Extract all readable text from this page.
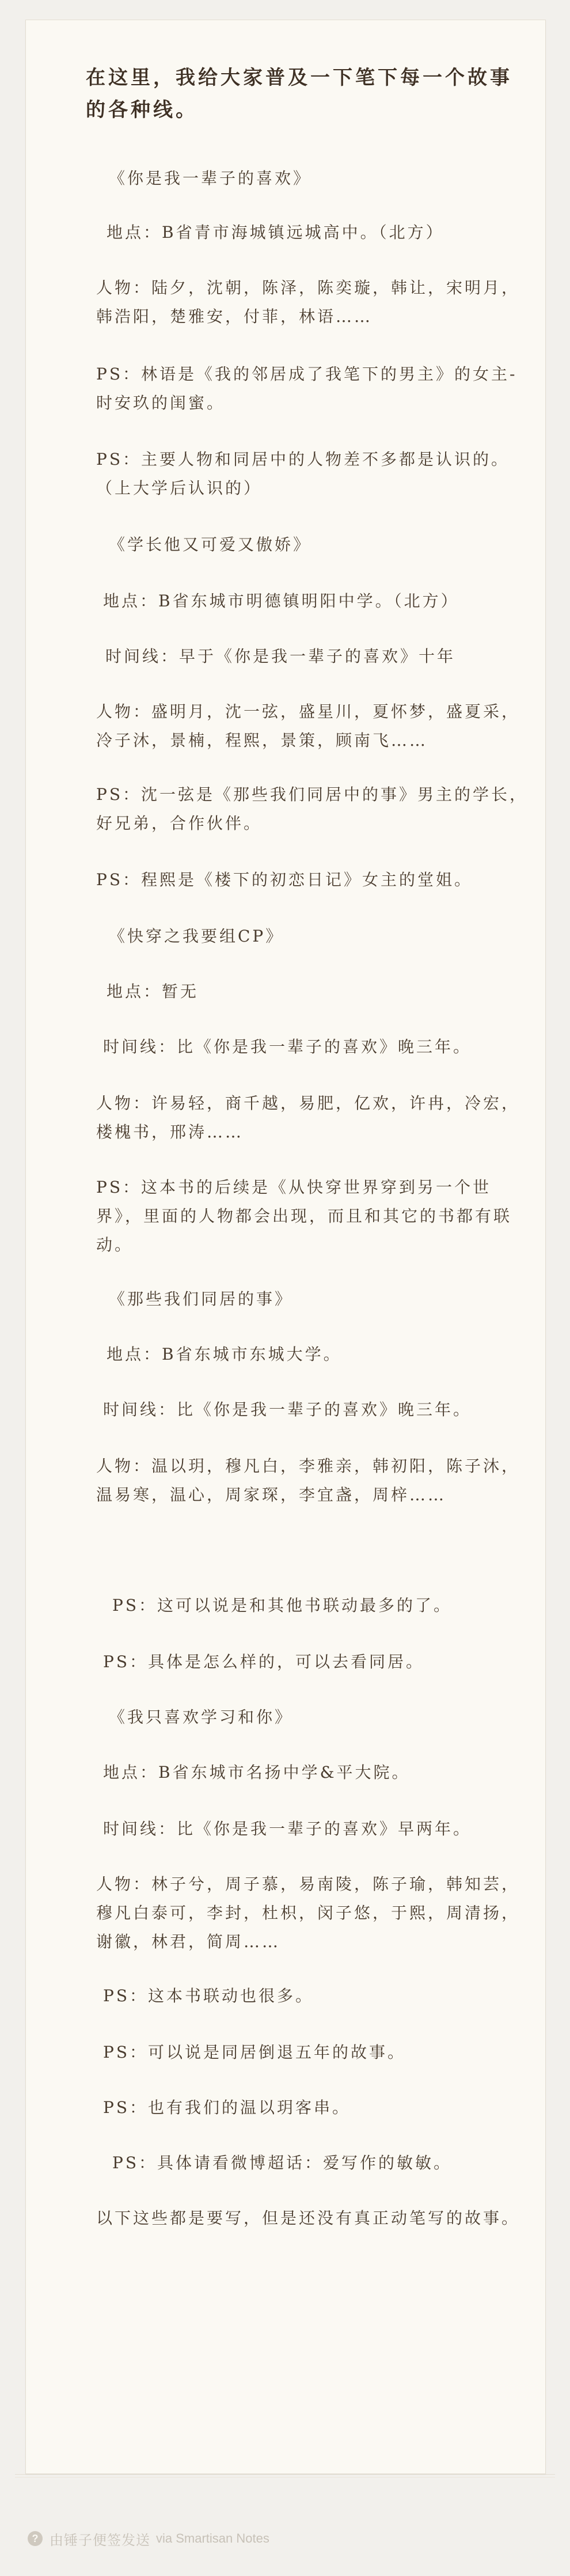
在这里，我给大家普及一下笔下每一个故事的各种线。

《你是我一辈子的喜欢》

地点：B省青市海城镇远城高中。（北方）

人物：陆夕，沈朝，陈泽，陈奕璇，韩让，宋明月，韩浩阳，楚雅安，付菲，林语……

PS：林语是《我的邻居成了我笔下的男主》的女主-时安玖的闺蜜。

PS：主要人物和同居中的人物差不多都是认识的。（上大学后认识的）

《学长他又可爱又傲娇》

地点：B省东城市明德镇明阳中学。（北方）

时间线：早于《你是我一辈子的喜欢》十年

人物：盛明月，沈一弦，盛星川，夏怀梦，盛夏采，冷子沐，景楠，程熙，景策，顾南飞……

PS：沈一弦是《那些我们同居中的事》男主的学长，好兄弟，合作伙伴。

PS：程熙是《楼下的初恋日记》女主的堂姐。

《快穿之我要组CP》

地点：暂无

时间线：比《你是我一辈子的喜欢》晚三年。

人物：许易轻，商千越，易肥，亿欢，许冉，冷宏，楼槐书，邢涛……

PS：这本书的后续是《从快穿世界穿到另一个世界》，里面的人物都会出现，而且和其它的书都有联动。

《那些我们同居的事》

地点：B省东城市东城大学。

时间线：比《你是我一辈子的喜欢》晚三年。

人物：温以玥，穆凡白，李雅亲，韩初阳，陈子沐，温易寒，温心，周家琛，李宜盏，周梓……

PS：这可以说是和其他书联动最多的了。

PS：具体是怎么样的，可以去看同居。

《我只喜欢学习和你》

地点：B省东城市名扬中学&平大院。

时间线：比《你是我一辈子的喜欢》早两年。

人物：林子兮，周子慕，易南陵，陈子瑜，韩知芸，穆凡白泰可，李封，杜枳，闵子悠，于熙，周清扬，谢徽，林君，简周……

PS：这本书联动也很多。

PS：可以说是同居倒退五年的故事。

PS：也有我们的温以玥客串。

PS：具体请看微博超话：爱写作的敏敏。

以下这些都是要写，但是还没有真正动笔写的故事。

? 由锤子便签发送 via Smartisan Notes
